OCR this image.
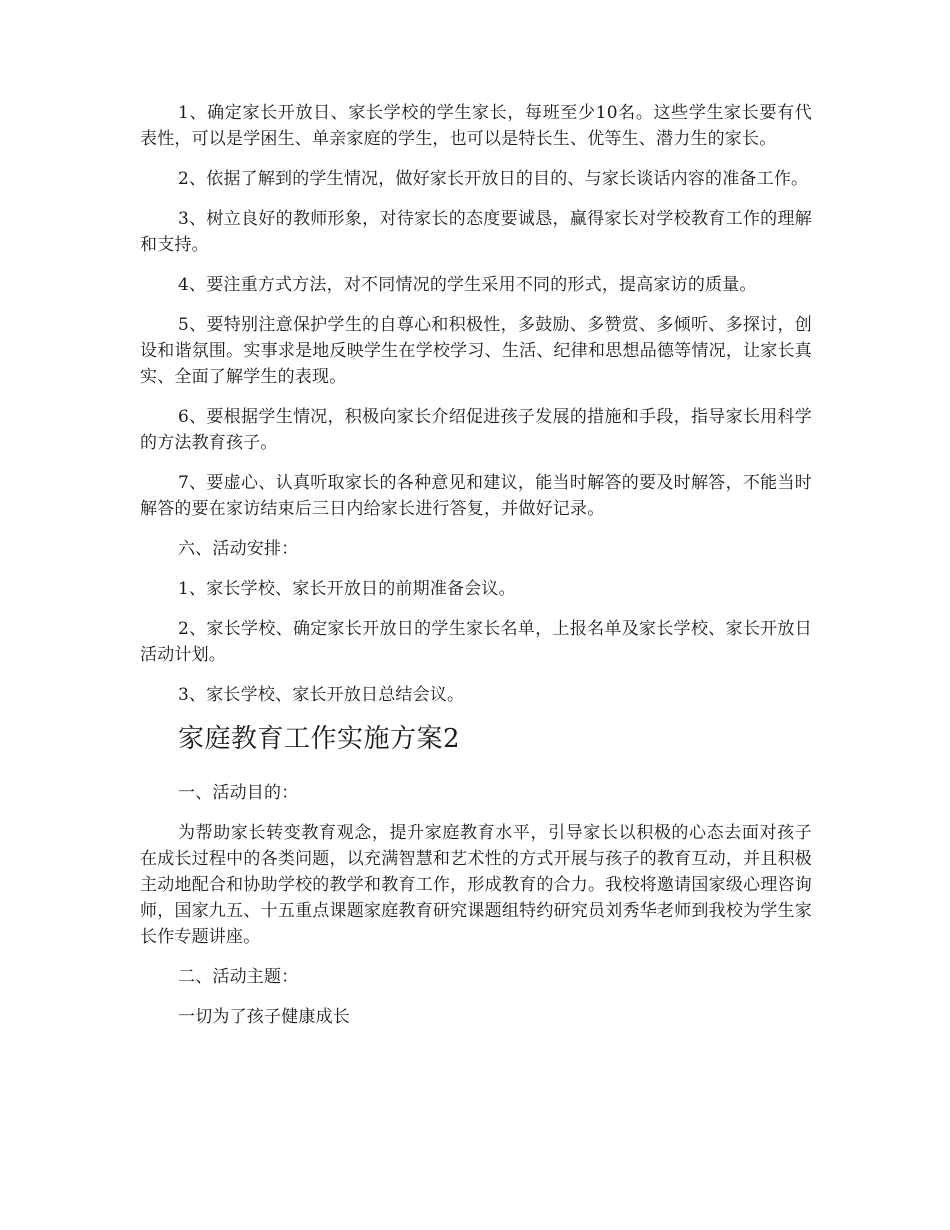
1、确定家长开放日、家长学校的学生家长，每班至少10名。这些学生家长要有代表性，可以是学困生、单亲家庭的学生，也可以是特长生、优等生、潜力生的家长。

2、依据了解到的学生情况，做好家长开放日的目的、与家长谈话内容的准备工作。

3、树立良好的教师形象，对待家长的态度要诚恳，赢得家长对学校教育工作的理解和支持。

4、要注重方式方法，对不同情况的学生采用不同的形式，提高家访的质量。

5、要特别注意保护学生的自尊心和积极性，多鼓励、多赞赏、多倾听、多探讨，创设和谐氛围。实事求是地反映学生在学校学习、生活、纪律和思想品德等情况，让家长真实、全面了解学生的表现。

6、要根据学生情况，积极向家长介绍促进孩子发展的措施和手段，指导家长用科学的方法教育孩子。

7、要虚心、认真听取家长的各种意见和建议，能当时解答的要及时解答，不能当时解答的要在家访结束后三日内给家长进行答复，并做好记录。

六、活动安排：

1、家长学校、家长开放日的前期准备会议。

2、家长学校、确定家长开放日的学生家长名单，上报名单及家长学校、家长开放日活动计划。

3、家长学校、家长开放日总结会议。

家庭教育工作实施方案2

一、活动目的：

为帮助家长转变教育观念，提升家庭教育水平，引导家长以积极的心态去面对孩子在成长过程中的各类问题，以充满智慧和艺术性的方式开展与孩子的教育互动，并且积极主动地配合和协助学校的教学和教育工作，形成教育的合力。我校将邀请国家级心理咨询师，国家九五、十五重点课题家庭教育研究课题组特约研究员刘秀华老师到我校为学生家长作专题讲座。

二、活动主题：

一切为了孩子健康成长
